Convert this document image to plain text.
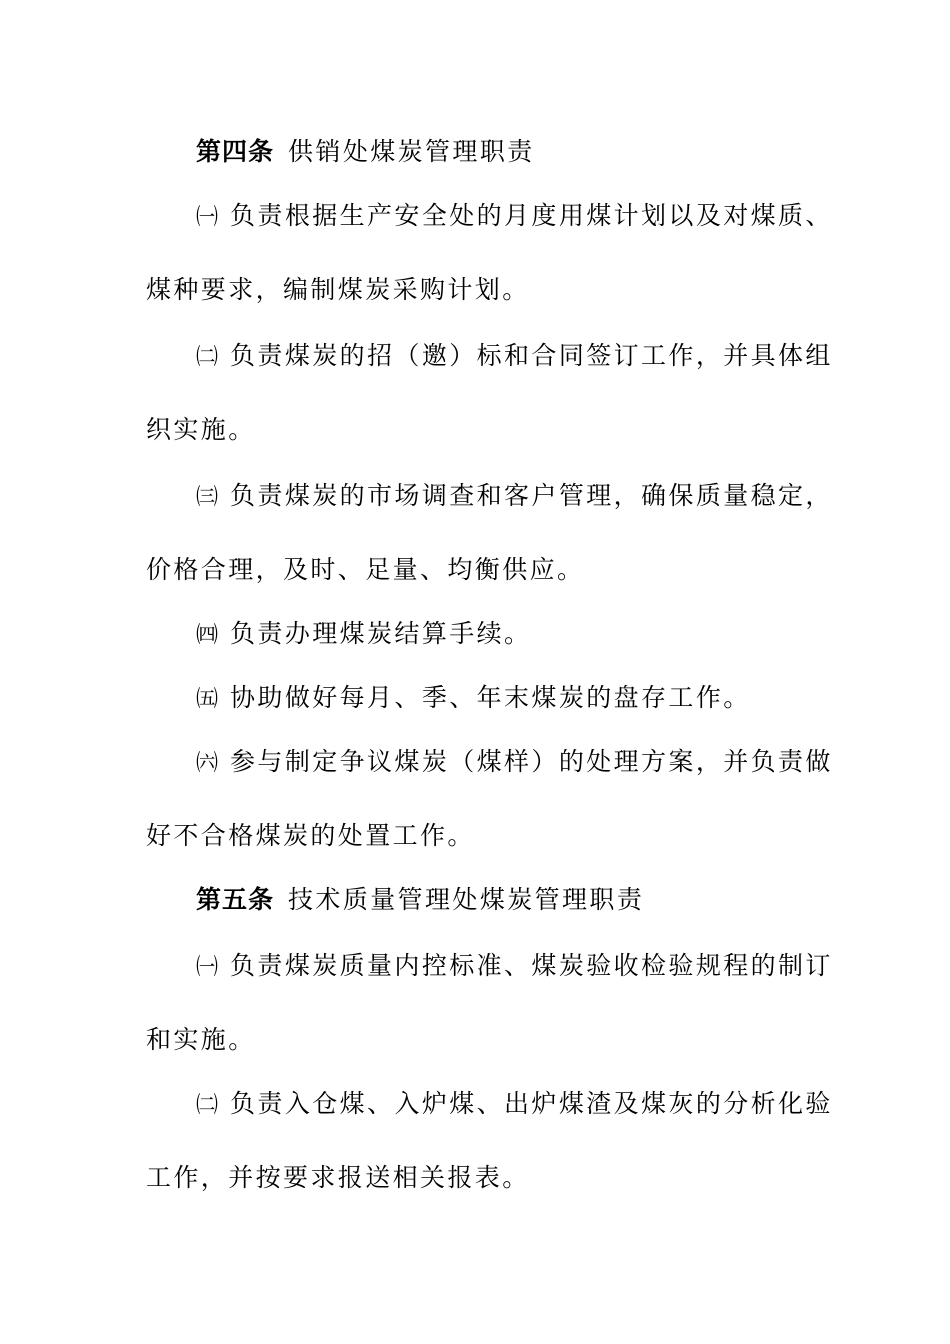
第四条 供销处煤炭管理职责
㈠ 负责根据生产安全处的月度用煤计划以及对煤质、
煤种要求，编制煤炭采购计划。
㈡ 负责煤炭的招（邀）标和合同签订工作，并具体组
织实施。
㈢ 负责煤炭的市场调查和客户管理，确保质量稳定，
价格合理，及时、足量、均衡供应。
㈣ 负责办理煤炭结算手续。
㈤ 协助做好每月、季、年末煤炭的盘存工作。
㈥ 参与制定争议煤炭（煤样）的处理方案，并负责做
好不合格煤炭的处置工作。
第五条 技术质量管理处煤炭管理职责
㈠ 负责煤炭质量内控标准、煤炭验收检验规程的制订
和实施。
㈡ 负责入仓煤、入炉煤、出炉煤渣及煤灰的分析化验
工作，并按要求报送相关报表。
